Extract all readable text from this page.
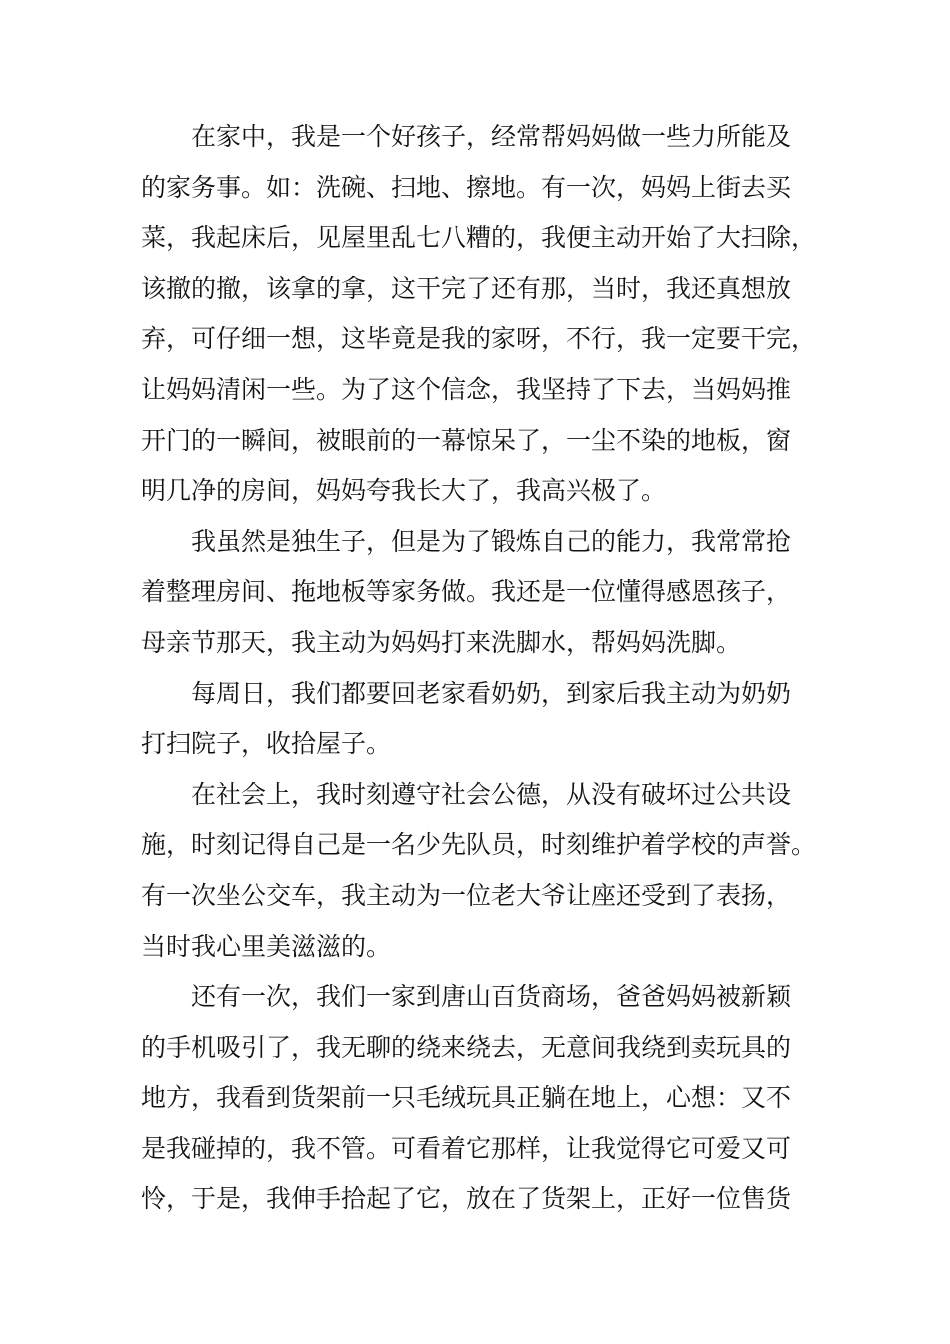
在家中，我是一个好孩子，经常帮妈妈做一些力所能及
的家务事。如：洗碗、扫地、擦地。有一次，妈妈上街去买
菜，我起床后，见屋里乱七八糟的，我便主动开始了大扫除，
该撤的撤，该拿的拿，这干完了还有那，当时，我还真想放
弃，可仔细一想，这毕竟是我的家呀，不行，我一定要干完，
让妈妈清闲一些。为了这个信念，我坚持了下去，当妈妈推
开门的一瞬间，被眼前的一幕惊呆了，一尘不染的地板，窗
明几净的房间，妈妈夸我长大了，我高兴极了。
我虽然是独生子，但是为了锻炼自己的能力，我常常抢
着整理房间、拖地板等家务做。我还是一位懂得感恩孩子，
母亲节那天，我主动为妈妈打来洗脚水，帮妈妈洗脚。
每周日，我们都要回老家看奶奶，到家后我主动为奶奶
打扫院子，收拾屋子。
在社会上，我时刻遵守社会公德，从没有破坏过公共设
施，时刻记得自己是一名少先队员，时刻维护着学校的声誉。
有一次坐公交车，我主动为一位老大爷让座还受到了表扬，
当时我心里美滋滋的。
还有一次，我们一家到唐山百货商场，爸爸妈妈被新颖
的手机吸引了，我无聊的绕来绕去，无意间我绕到卖玩具的
地方，我看到货架前一只毛绒玩具正躺在地上，心想：又不
是我碰掉的，我不管。可看着它那样，让我觉得它可爱又可
怜，于是，我伸手拾起了它，放在了货架上，正好一位售货
